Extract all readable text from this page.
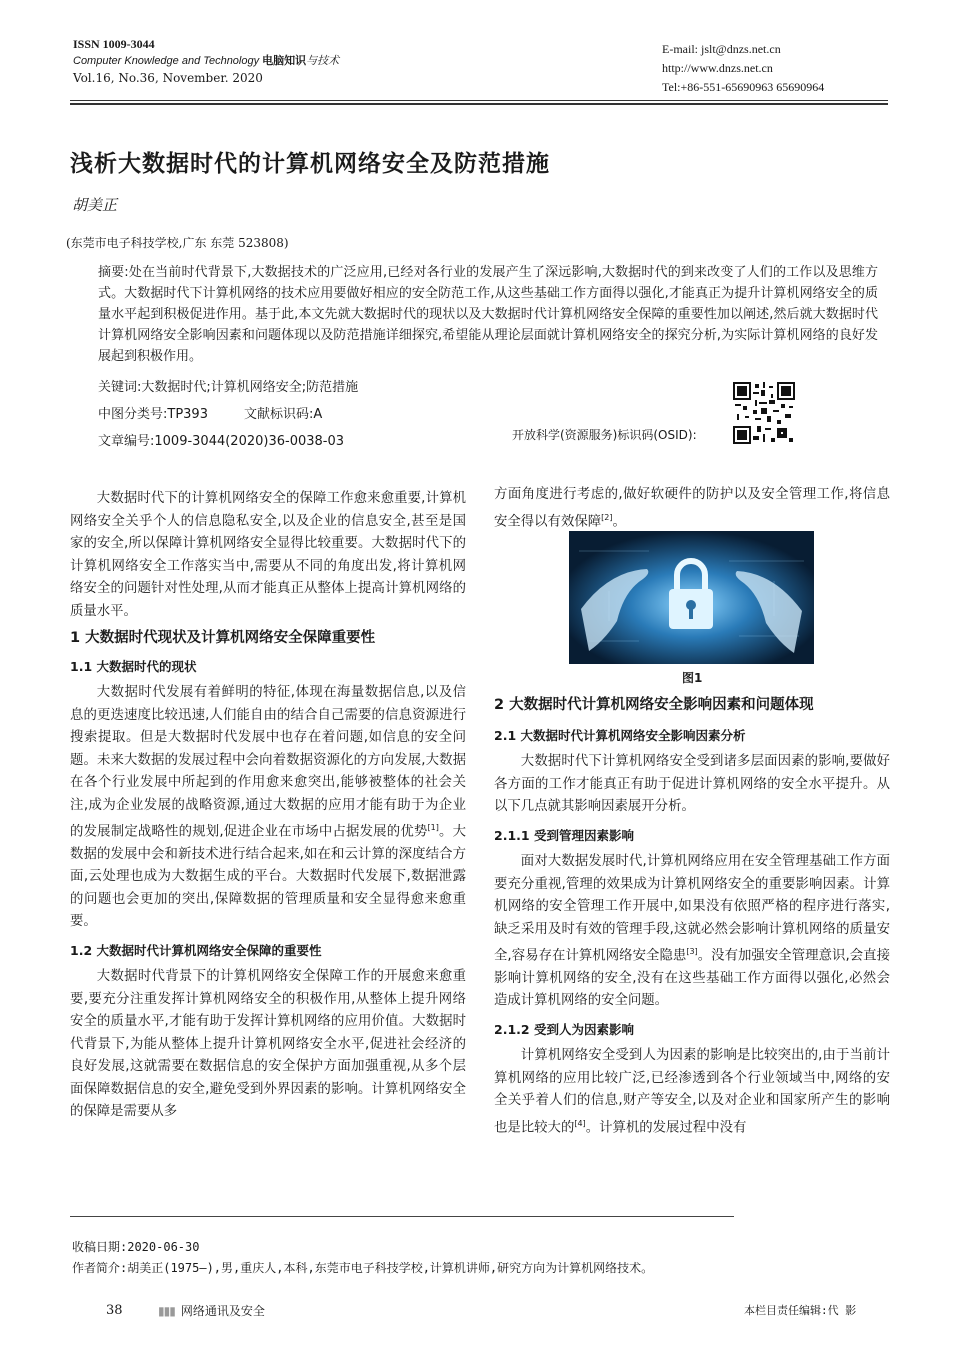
ISSN 1009-3044
Computer Knowledge and Technology 电脑知识与技术
Vol.16, No.36, November. 2020
E-mail: jslt@dnzs.net.cn
http://www.dnzs.net.cn
Tel:+86-551-65690963 65690964
浅析大数据时代的计算机网络安全及防范措施
胡美正
(东莞市电子科技学校,广东 东莞 523808)
摘要:处在当前时代背景下,大数据技术的广泛应用,已经对各行业的发展产生了深远影响,大数据时代的到来改变了人们的工作以及思维方式。大数据时代下计算机网络的技术应用要做好相应的安全防范工作,从这些基础工作方面得以强化,才能真正为提升计算机网络安全的质量水平起到积极促进作用。基于此,本文先就大数据时代的现状以及大数据时代计算机网络安全保障的重要性加以阐述,然后就大数据时代计算机网络安全影响因素和问题体现以及防范措施详细探究,希望能从理论层面就计算机网络安全的探究分析,为实际计算机网络的良好发展起到积极作用。
关键词:大数据时代;计算机网络安全;防范措施
中图分类号:TP393	文献标识码:A
文章编号:1009-3044(2020)36-0038-03	开放科学(资源服务)标识码(OSID):

大数据时代下的计算机网络安全的保障工作愈来愈重要,计算机网络安全关乎个人的信息隐私安全,以及企业的信息安全,甚至是国家的安全,所以保障计算机网络安全显得比较重要。大数据时代下的计算机网络安全工作落实当中,需要从不同的角度出发,将计算机网络安全的问题针对性处理,从而才能真正从整体上提高计算机网络的质量水平。

1 大数据时代现状及计算机网络安全保障重要性
1.1 大数据时代的现状

大数据时代发展有着鲜明的特征,体现在海量数据信息,以及信息的更迭速度比较迅速,人们能自由的结合自己需要的信息资源进行搜索提取。但是大数据时代发展中也存在着问题,如信息的安全问题。未来大数据的发展过程中会向着数据资源化的方向发展,大数据在各个行业发展中所起到的作用愈来愈突出,能够被整体的社会关注,成为企业发展的战略资源,通过大数据的应用才能有助于为企业的发展制定战略性的规划,促进企业在市场中占据发展的优势[1]。大数据的发展中会和新技术进行结合起来,如在和云计算的深度结合方面,云处理也成为大数据生成的平台。大数据时代发展下,数据泄露的问题也会更加的突出,保障数据的管理质量和安全显得愈来愈重要。

1.2 大数据时代计算机网络安全保障的重要性

大数据时代背景下的计算机网络安全保障工作的开展愈来愈重要,要充分注重发挥计算机网络安全的积极作用,从整体上提升网络安全的质量水平,才能有助于发挥计算机网络的应用价值。大数据时代背景下,为能从整体上提升计算机网络安全水平,促进社会经济的良好发展,这就需要在数据信息的安全保护方面加强重视,从多个层面保障数据信息的安全,避免受到外界因素的影响。计算机网络安全的保障是需要从多

方面角度进行考虑的,做好软硬件的防护以及安全管理工作,将信息安全得以有效保障[2]。

图1
2 大数据时代计算机网络安全影响因素和问题体现
2.1 大数据时代计算机网络安全影响因素分析

大数据时代下计算机网络安全受到诸多层面因素的影响,要做好各方面的工作才能真正有助于促进计算机网络的安全水平提升。从以下几点就其影响因素展开分析。

2.1.1 受到管理因素影响

面对大数据发展时代,计算机网络应用在安全管理基础工作方面要充分重视,管理的效果成为计算机网络安全的重要影响因素。计算机网络的安全管理工作开展中,如果没有依照严格的程序进行落实,缺乏采用及时有效的管理手段,这就必然会影响计算机网络的质量安全,容易存在计算机网络安全隐患[3]。没有加强安全管理意识,会直接影响计算机网络的安全,没有在这些基础工作方面得以强化,必然会造成计算机网络的安全问题。

2.1.2 受到人为因素影响

计算机网络安全受到人为因素的影响是比较突出的,由于当前计算机网络的应用比较广泛,已经渗透到各个行业领域当中,网络的安全关乎着人们的信息,财产等安全,以及对企业和国家所产生的影响也是比较大的[4]。计算机的发展过程中没有

收稿日期:2020-06-30
作者简介:胡美正(1975—),男,重庆人,本科,东莞市电子科技学校,计算机讲师,研究方向为计算机网络技术。
38	▮▮▮ 网络通讯及安全	本栏目责任编辑:代 影
